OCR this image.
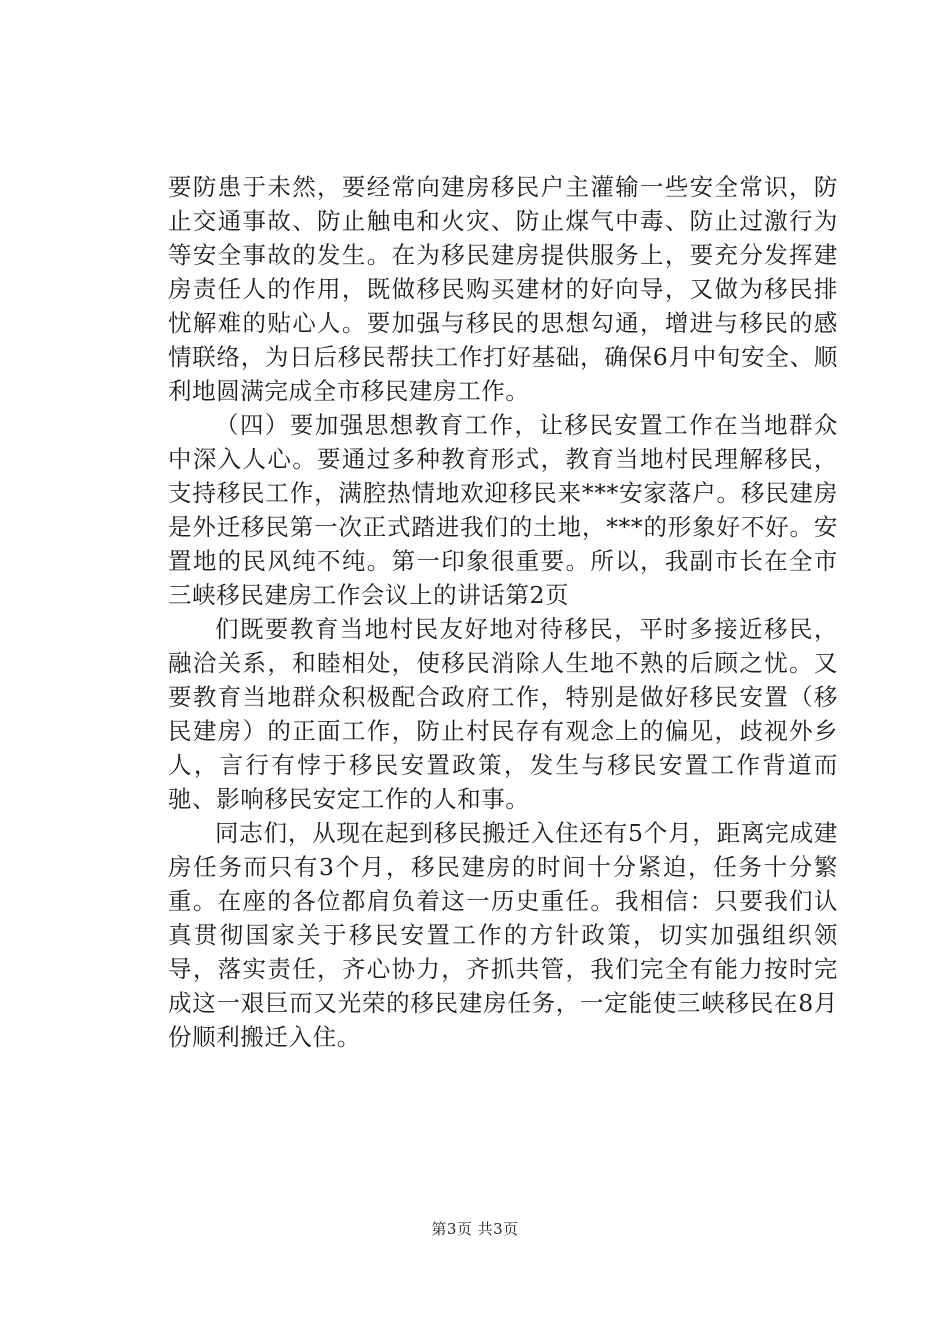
要防患于未然，要经常向建房移民户主灌输一些安全常识，防止交通事故、防止触电和火灾、防止煤气中毒、防止过激行为等安全事故的发生。在为移民建房提供服务上，要充分发挥建房责任人的作用，既做移民购买建材的好向导，又做为移民排忧解难的贴心人。要加强与移民的思想勾通，增进与移民的感情联络，为日后移民帮扶工作打好基础，确保6月中旬安全、顺利地圆满完成全市移民建房工作。

（四）要加强思想教育工作，让移民安置工作在当地群众中深入人心。要通过多种教育形式，教育当地村民理解移民，支持移民工作，满腔热情地欢迎移民来***安家落户。移民建房是外迁移民第一次正式踏进我们的土地，***的形象好不好。安置地的民风纯不纯。第一印象很重要。所以，我副市长在全市三峡移民建房工作会议上的讲话第2页

们既要教育当地村民友好地对待移民，平时多接近移民，融洽关系，和睦相处，使移民消除人生地不熟的后顾之忧。又要教育当地群众积极配合政府工作，特别是做好移民安置（移民建房）的正面工作，防止村民存有观念上的偏见，歧视外乡人，言行有悖于移民安置政策，发生与移民安置工作背道而驰、影响移民安定工作的人和事。

同志们，从现在起到移民搬迁入住还有5个月，距离完成建房任务而只有3个月，移民建房的时间十分紧迫，任务十分繁重。在座的各位都肩负着这一历史重任。我相信：只要我们认真贯彻国家关于移民安置工作的方针政策，切实加强组织领导，落实责任，齐心协力，齐抓共管，我们完全有能力按时完成这一艰巨而又光荣的移民建房任务，一定能使三峡移民在8月份顺利搬迁入住。

第3页 共3页
